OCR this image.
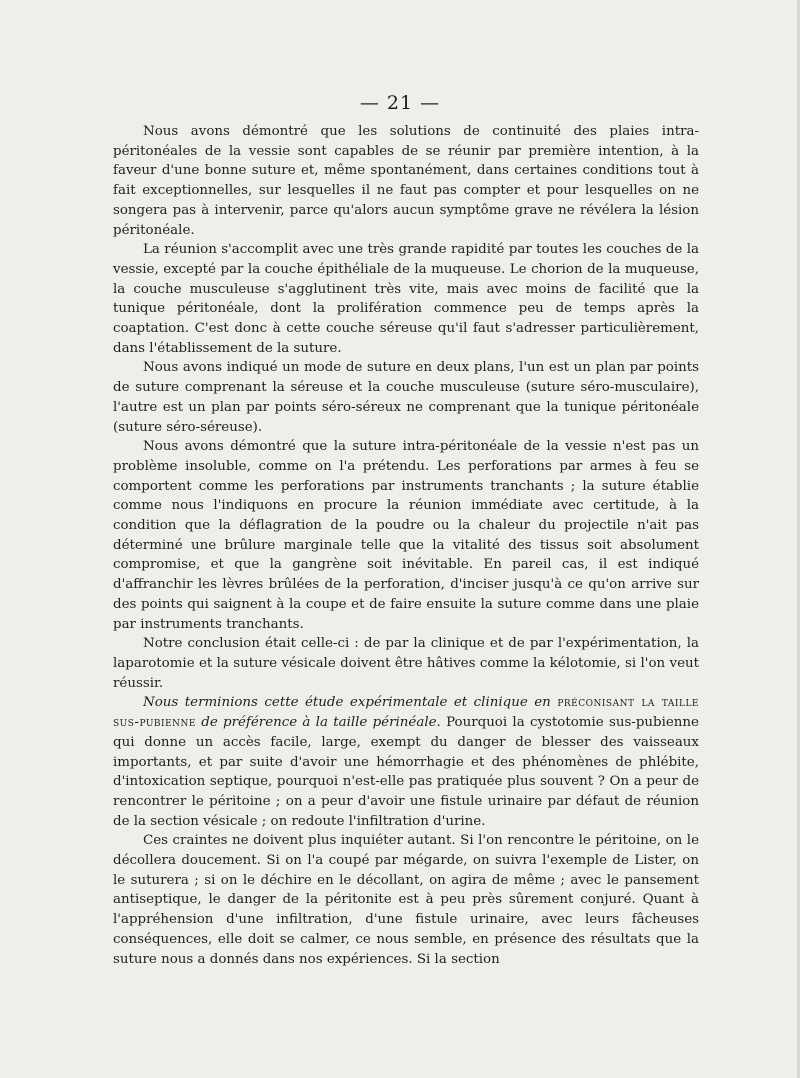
— 21 —

Nous avons démontré que les solutions de continuité des plaies intra-péritonéales de la vessie sont capables de se réunir par première intention, à la faveur d'une bonne suture et, même spontanément, dans certaines conditions tout à fait exceptionnelles, sur lesquelles il ne faut pas compter et pour lesquelles on ne songera pas à intervenir, parce qu'alors aucun symptôme grave ne révélera la lésion péritonéale.

La réunion s'accomplit avec une très grande rapidité par toutes les couches de la vessie, excepté par la couche épithéliale de la muqueuse. Le chorion de la muqueuse, la couche musculeuse s'agglutinent très vite, mais avec moins de facilité que la tunique péritonéale, dont la prolifération commence peu de temps après la coaptation. C'est donc à cette couche séreuse qu'il faut s'adresser particulièrement, dans l'établissement de la suture.

Nous avons indiqué un mode de suture en deux plans, l'un est un plan par points de suture comprenant la séreuse et la couche musculeuse (suture séro-musculaire), l'autre est un plan par points séro-séreux ne comprenant que la tunique péritonéale (suture séro-séreuse).

Nous avons démontré que la suture intra-péritonéale de la vessie n'est pas un problème insoluble, comme on l'a prétendu. Les perforations par armes à feu se comportent comme les perforations par instruments tranchants ; la suture établie comme nous l'indiquons en procure la réunion immédiate avec certitude, à la condition que la déflagration de la poudre ou la chaleur du projectile n'ait pas déterminé une brûlure marginale telle que la vitalité des tissus soit absolument compromise, et que la gangrène soit inévitable. En pareil cas, il est indiqué d'affranchir les lèvres brûlées de la perforation, d'inciser jusqu'à ce qu'on arrive sur des points qui saignent à la coupe et de faire ensuite la suture comme dans une plaie par instruments tranchants.

Notre conclusion était celle-ci : de par la clinique et de par l'expérimentation, la laparotomie et la suture vésicale doivent être hâtives comme la kélotomie, si l'on veut réussir.

Nous terminions cette étude expérimentale et clinique en préconisant la taille sus-pubienne de préférence à la taille périnéale. Pourquoi la cystotomie sus-pubienne qui donne un accès facile, large, exempt du danger de blesser des vaisseaux importants, et par suite d'avoir une hémorrhagie et des phénomènes de phlébite, d'intoxication septique, pourquoi n'est-elle pas pratiquée plus souvent ? On a peur de rencontrer le péritoine ; on a peur d'avoir une fistule urinaire par défaut de réunion de la section vésicale ; on redoute l'infiltration d'urine.

Ces craintes ne doivent plus inquiéter autant. Si l'on rencontre le péritoine, on le décollera doucement. Si on l'a coupé par mégarde, on suivra l'exemple de Lister, on le suturera ; si on le déchire en le décollant, on agira de même ; avec le pansement antiseptique, le danger de la péritonite est à peu près sûrement conjuré. Quant à l'appréhension d'une infiltration, d'une fistule urinaire, avec leurs fâcheuses conséquences, elle doit se calmer, ce nous semble, en présence des résultats que la suture nous a donnés dans nos expériences. Si la section
